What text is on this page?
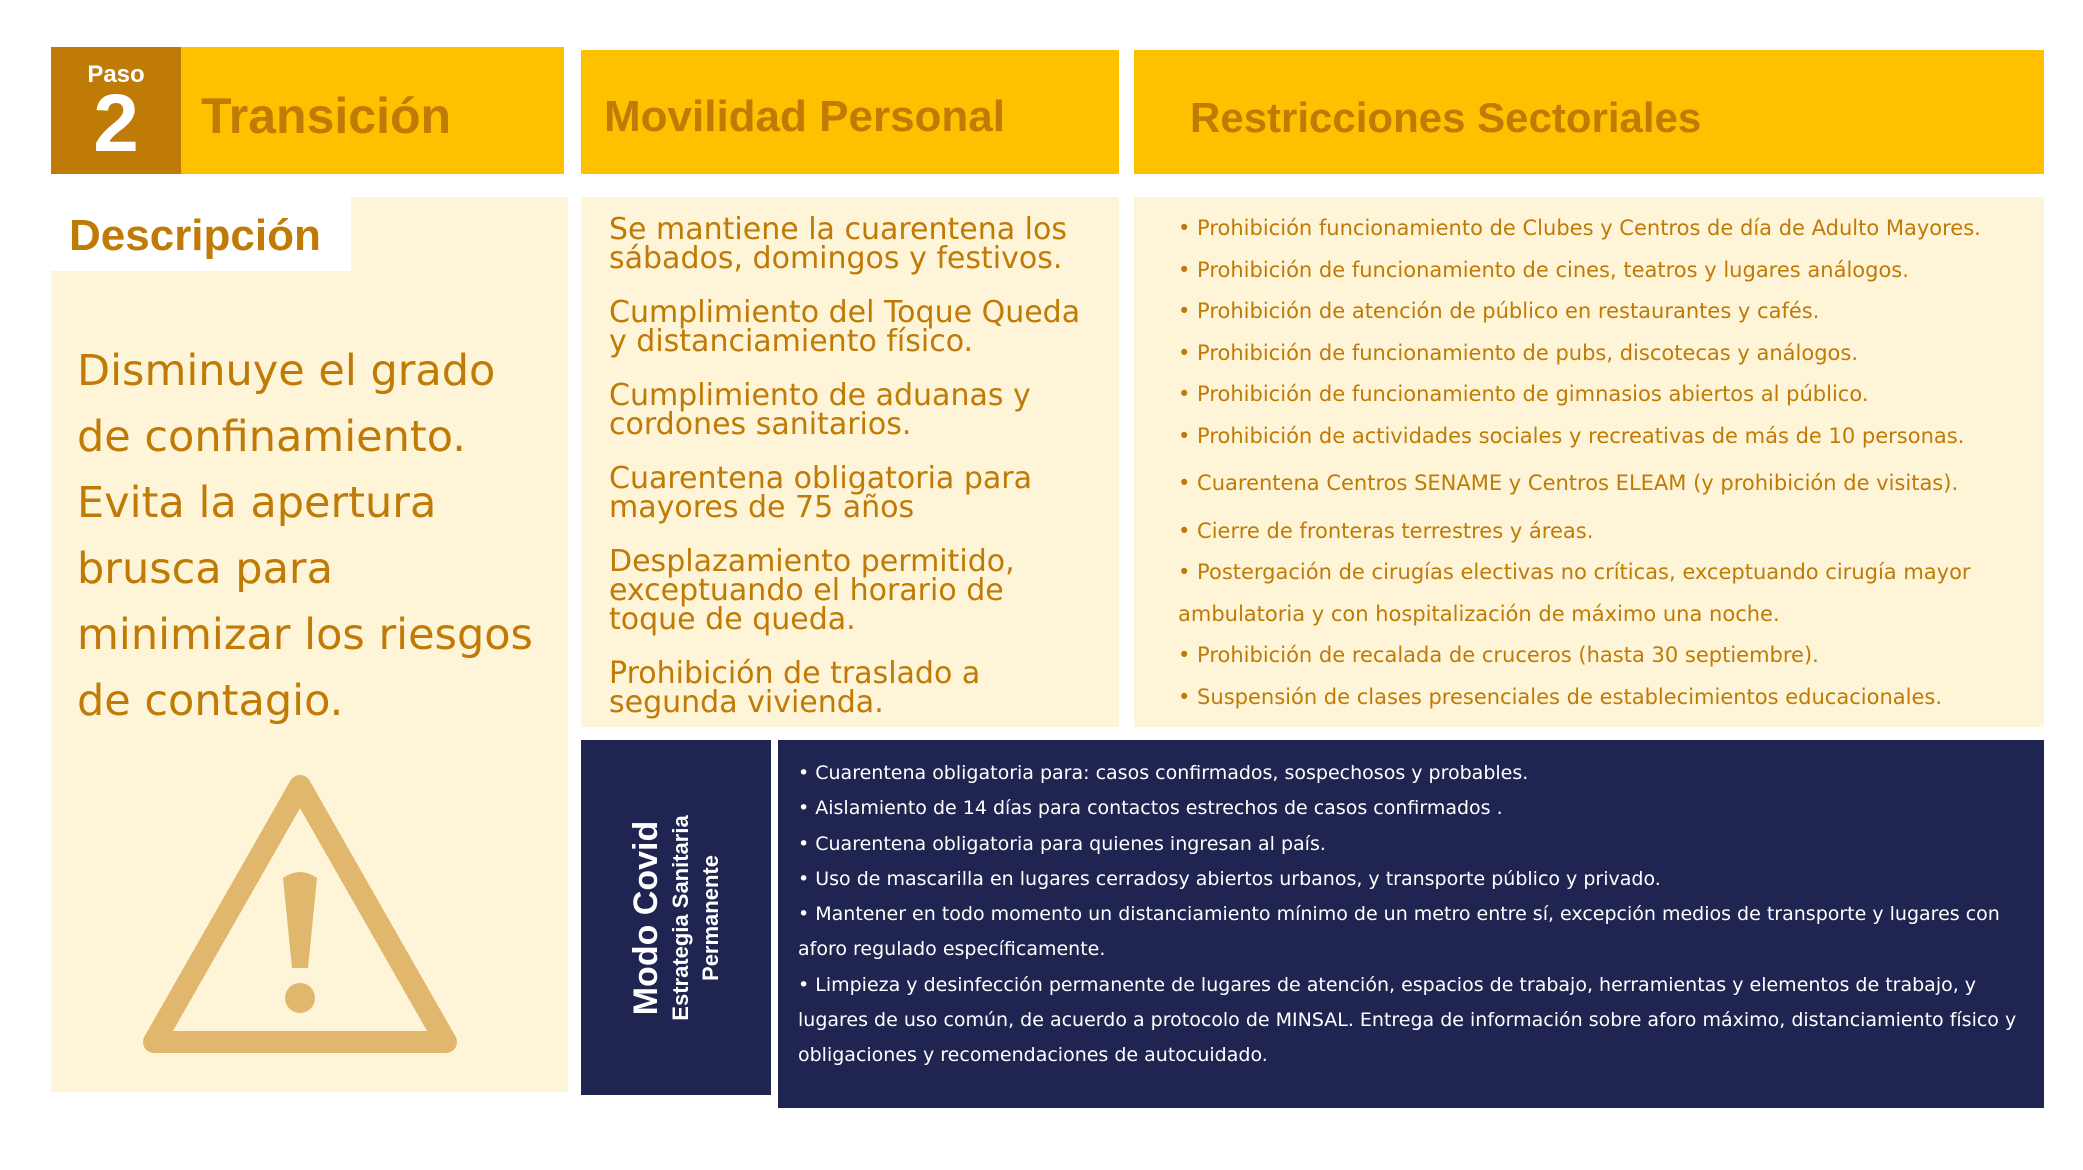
Paso
2	Transición	Movilidad Personal	Restricciones Sectoriales
Descripción
Disminuye el grado de confinamiento. Evita la apertura brusca para minimizar los riesgos de contagio.
Se mantiene la cuarentena los sábados, domingos y festivos.
Cumplimiento del Toque Queda y distanciamiento físico.
Cumplimiento de aduanas y cordones sanitarios.
Cuarentena obligatoria para mayores de 75 años
Desplazamiento permitido, exceptuando el horario de toque de queda.
Prohibición de traslado a segunda vivienda.
• Prohibición funcionamiento de Clubes y Centros de día de Adulto Mayores.
• Prohibición de funcionamiento de cines, teatros y lugares análogos.
• Prohibición de atención de público en restaurantes y cafés.
• Prohibición de funcionamiento de pubs, discotecas y análogos.
• Prohibición de funcionamiento de gimnasios abiertos al público.
• Prohibición de actividades sociales y recreativas de más de 10 personas.
• Cuarentena Centros SENAME y Centros ELEAM (y prohibición de visitas).
• Cierre de fronteras terrestres y áreas.
• Postergación de cirugías electivas no críticas, exceptuando cirugía mayor ambulatoria y con hospitalización de máximo una noche.
• Prohibición de recalada de cruceros (hasta 30 septiembre).
• Suspensión de clases presenciales de establecimientos educacionales.
Modo Covid Estrategia Sanitaria Permanente
• Cuarentena obligatoria para: casos confirmados, sospechosos y probables.
• Aislamiento de 14 días para contactos estrechos de casos confirmados .
• Cuarentena obligatoria para quienes ingresan al país.
• Uso de mascarilla en lugares cerradosy abiertos urbanos, y transporte público y privado.
• Mantener en todo momento un distanciamiento mínimo de un metro entre sí, excepción medios de transporte y lugares con aforo regulado específicamente.
• Limpieza y desinfección permanente de lugares de atención, espacios de trabajo, herramientas y elementos de trabajo, y lugares de uso común, de acuerdo a protocolo de MINSAL. Entrega de información sobre aforo máximo, distanciamiento físico y obligaciones y recomendaciones de autocuidado.
